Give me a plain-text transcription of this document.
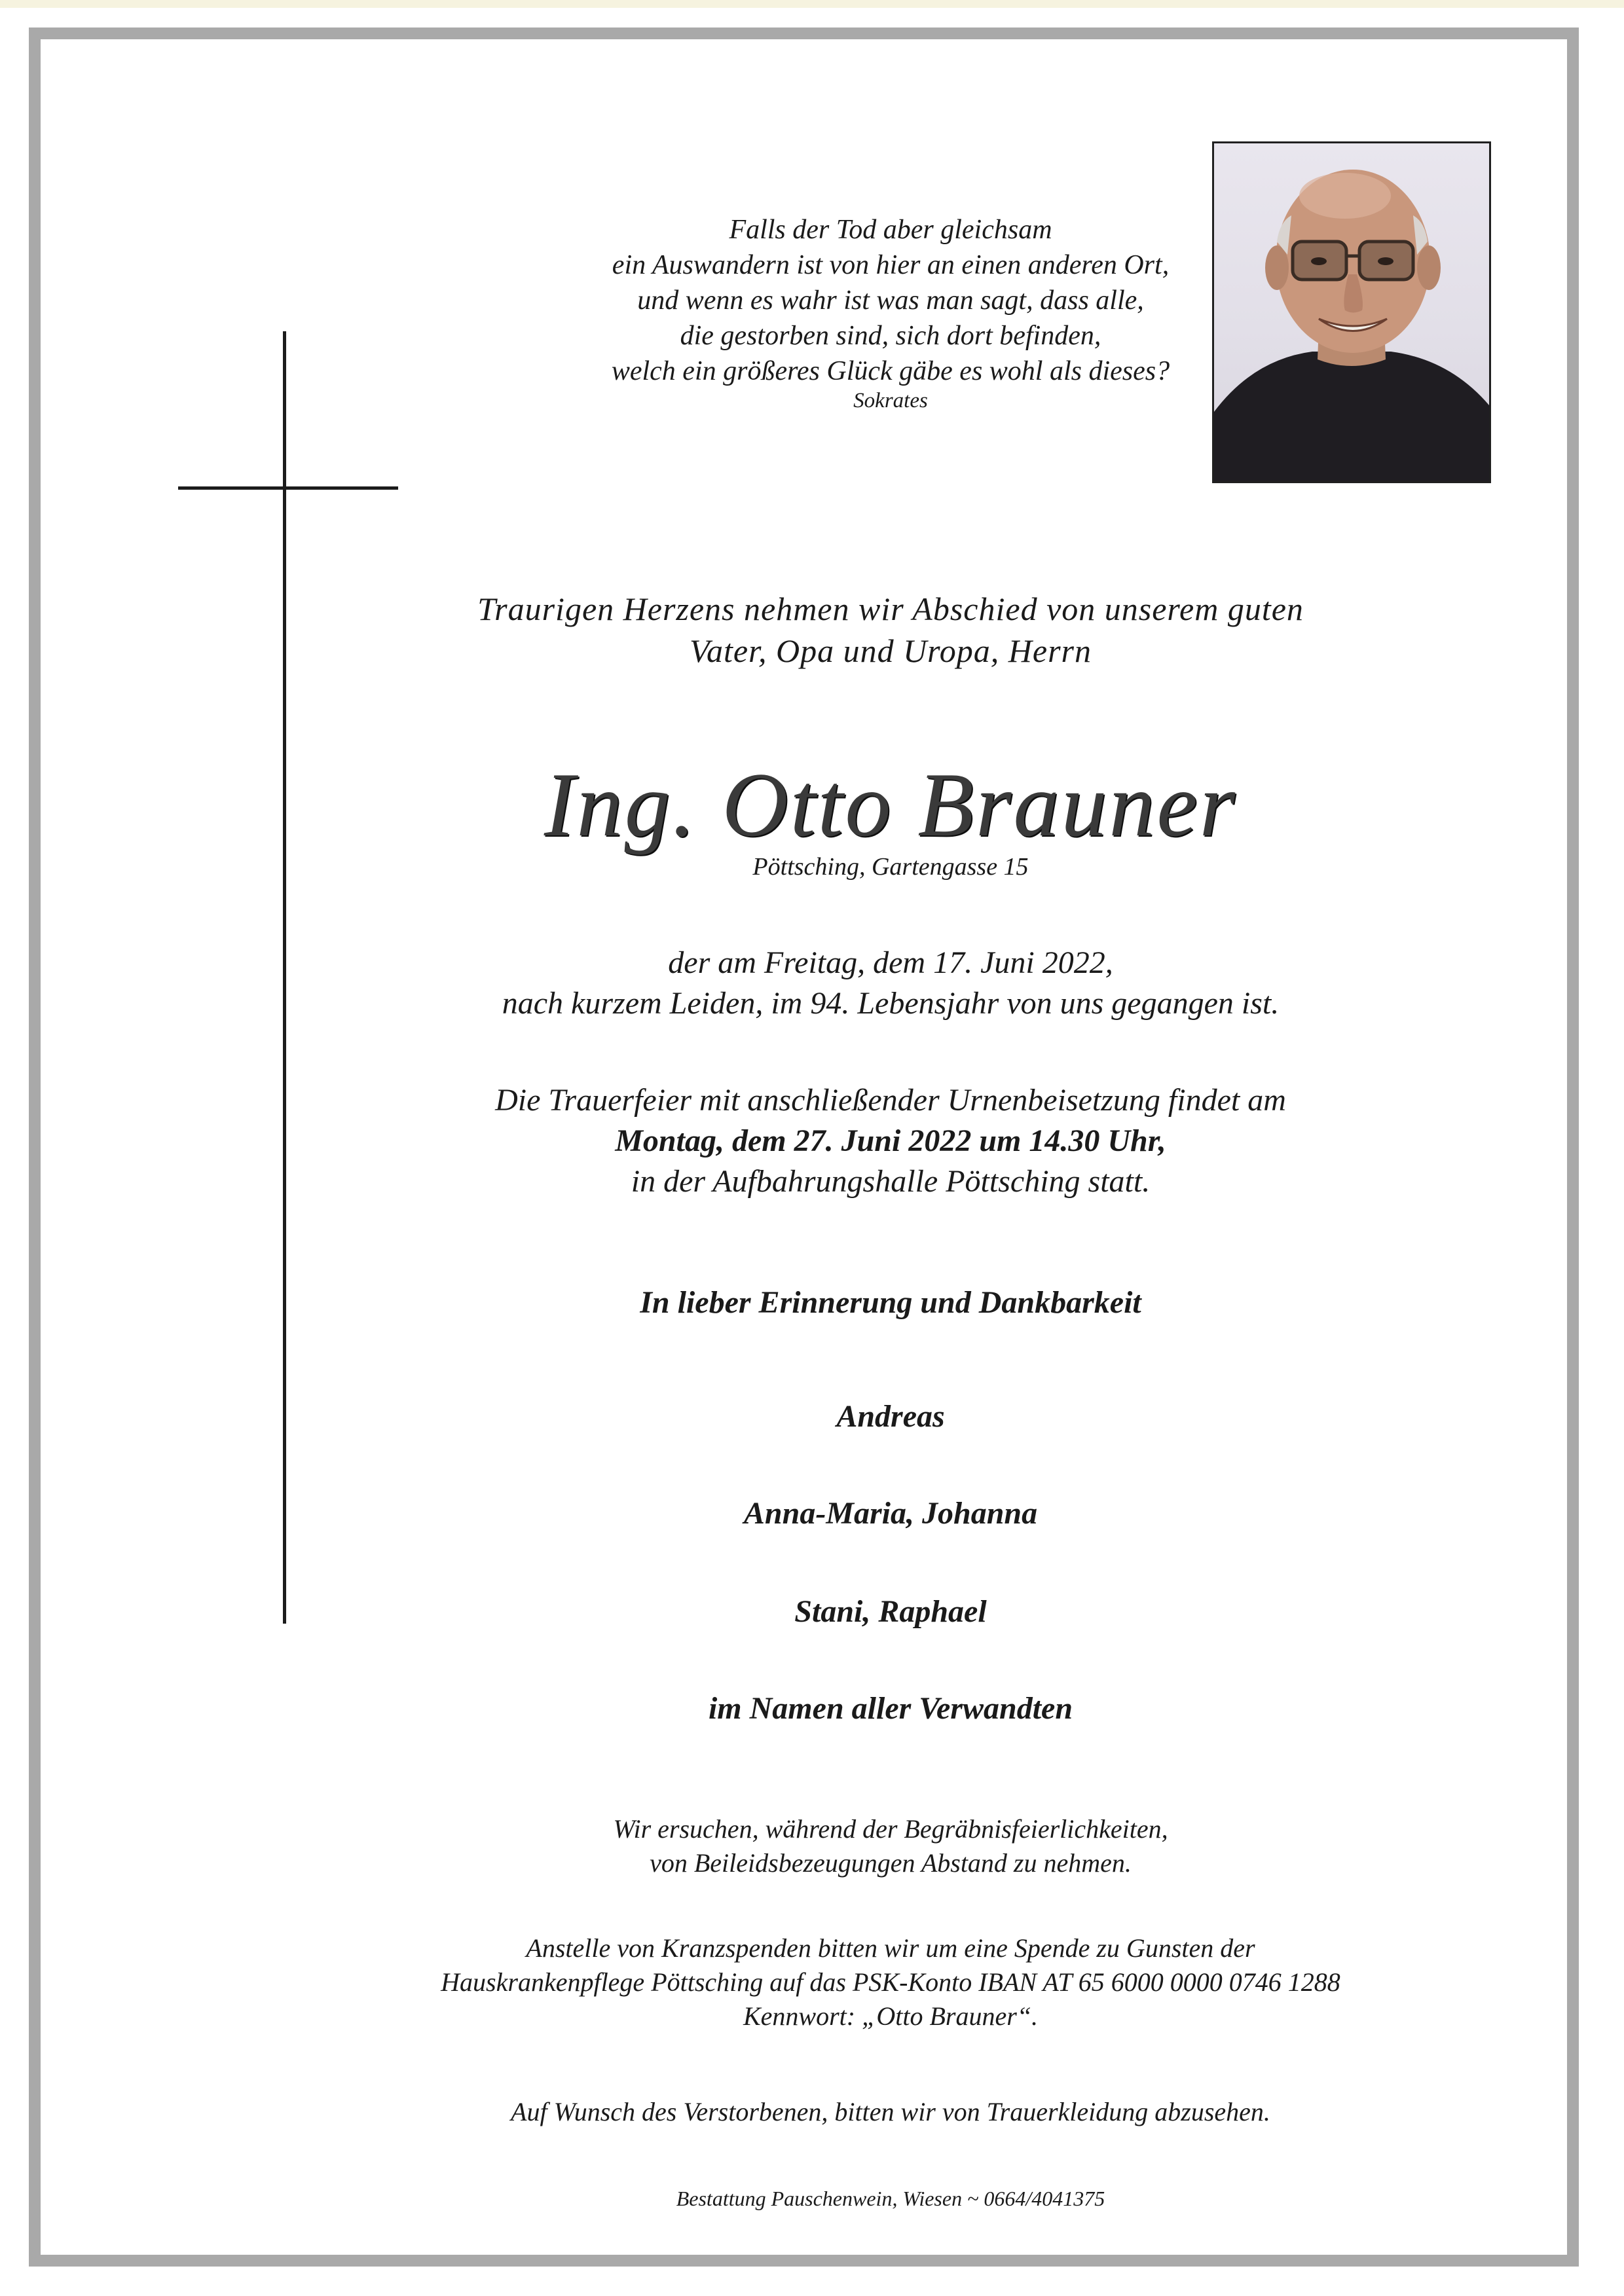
Falls der Tod aber gleichsam
ein Auswandern ist von hier an einen anderen Ort,
und wenn es wahr ist was man sagt, dass alle,
die gestorben sind, sich dort befinden,
welch ein größeres Glück gäbe es wohl als dieses?
Sokrates
Traurigen Herzens nehmen wir Abschied von unserem guten
Vater, Opa und Uropa, Herrn
Ing. Otto Brauner
Pöttsching, Gartengasse 15
der am Freitag, dem 17. Juni 2022,
nach kurzem Leiden, im 94. Lebensjahr von uns gegangen ist.
Die Trauerfeier mit anschließender Urnenbeisetzung findet am
Montag, dem 27. Juni 2022 um 14.30 Uhr,
in der Aufbahrungshalle Pöttsching statt.
In lieber Erinnerung und Dankbarkeit
Andreas
Anna-Maria, Johanna
Stani, Raphael
im Namen aller Verwandten
Wir ersuchen, während der Begräbnisfeierlichkeiten,
von Beileidsbezeugungen Abstand zu nehmen.
Anstelle von Kranzspenden bitten wir um eine Spende zu Gunsten der
Hauskrankenpflege Pöttsching auf das PSK-Konto IBAN AT 65 6000 0000 0746 1288
Kennwort: „Otto Brauner“.
Auf Wunsch des Verstorbenen, bitten wir von Trauerkleidung abzusehen.
Bestattung Pauschenwein, Wiesen ~ 0664/4041375
